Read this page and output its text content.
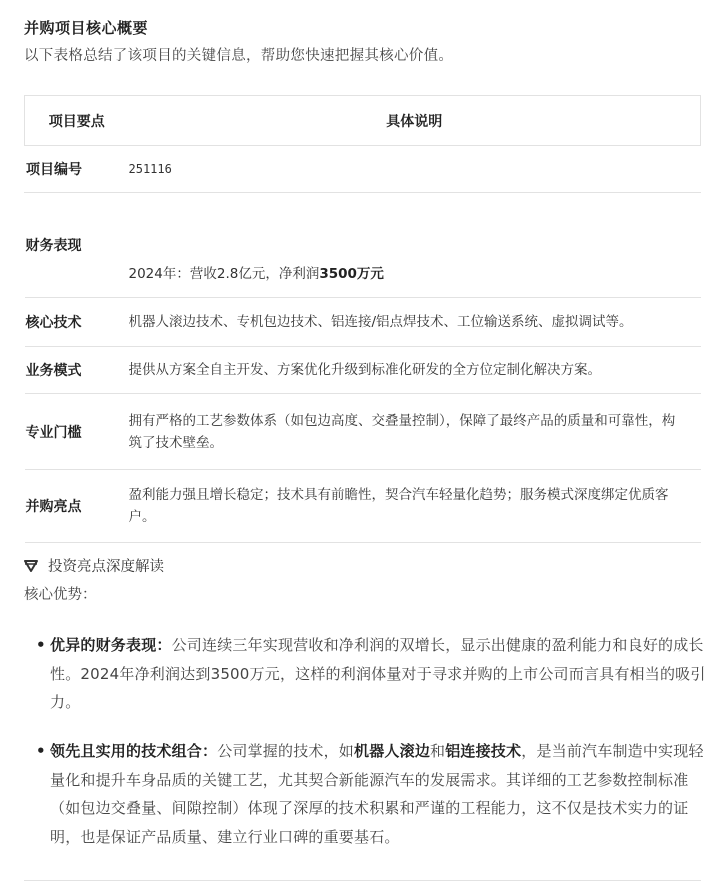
并购项目核心概要
以下表格总结了该项目的关键信息，帮助您快速把握其核心价值。
项目要点	具体说明
项目编号	251116
财务表现	2024年：营收2.8亿元，净利润3500万元
核心技术	机器人滚边技术、专机包边技术、铝连接/铝点焊技术、工位输送系统、虚拟调试等。
业务模式	提供从方案全自主开发、方案优化升级到标准化研发的全方位定制化解决方案。
专业门槛	拥有严格的工艺参数体系（如包边高度、交叠量控制），保障了最终产品的质量和可靠性，构筑了技术壁垒。
并购亮点	盈利能力强且增长稳定；技术具有前瞻性，契合汽车轻量化趋势；服务模式深度绑定优质客户。
投资亮点深度解读
核心优势：
• 优异的财务表现：公司连续三年实现营收和净利润的双增长，显示出健康的盈利能力和良好的成长性。2024年净利润达到3500万元，这样的利润体量对于寻求并购的上市公司而言具有相当的吸引力。
• 领先且实用的技术组合：公司掌握的技术，如机器人滚边和铝连接技术，是当前汽车制造中实现轻量化和提升车身品质的关键工艺，尤其契合新能源汽车的发展需求。其详细的工艺参数控制标准（如包边交叠量、间隙控制）体现了深厚的技术积累和严谨的工程能力，这不仅是技术实力的证明，也是保证产品质量、建立行业口碑的重要基石。
